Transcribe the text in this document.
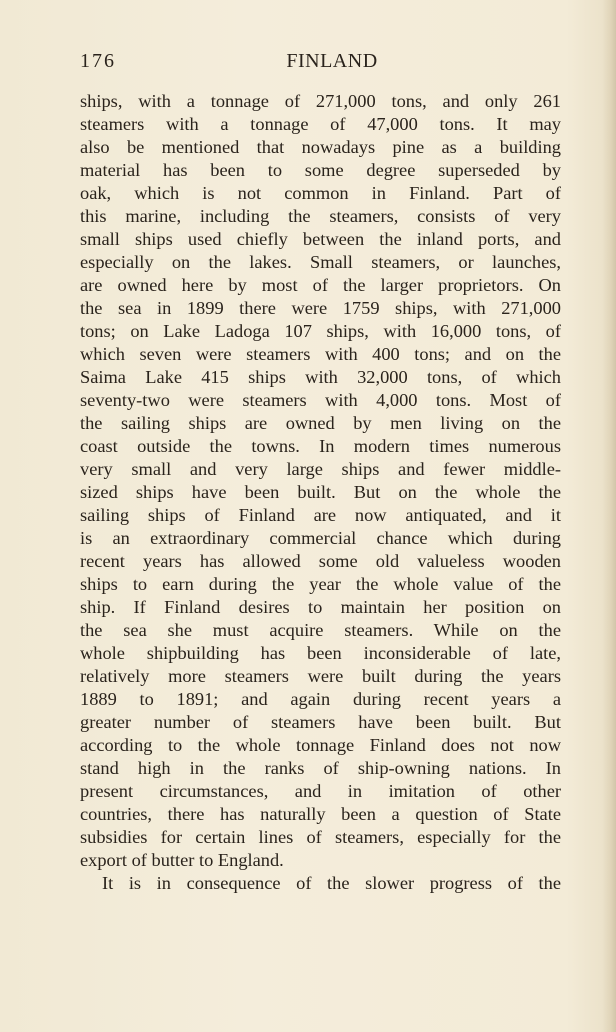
176	FINLAND
ships, with a tonnage of 271,000 tons, and only 261
steamers with a tonnage of 47,000 tons. It may
also be mentioned that nowadays pine as a building
material has been to some degree superseded by
oak, which is not common in Finland. Part of
this marine, including the steamers, consists of very
small ships used chiefly between the inland ports, and
especially on the lakes. Small steamers, or launches,
are owned here by most of the larger proprietors. On
the sea in 1899 there were 1759 ships, with 271,000
tons; on Lake Ladoga 107 ships, with 16,000 tons, of
which seven were steamers with 400 tons; and on the
Saima Lake 415 ships with 32,000 tons, of which
seventy-two were steamers with 4,000 tons. Most of
the sailing ships are owned by men living on the
coast outside the towns. In modern times numerous
very small and very large ships and fewer middle-
sized ships have been built. But on the whole the
sailing ships of Finland are now antiquated, and it
is an extraordinary commercial chance which during
recent years has allowed some old valueless wooden
ships to earn during the year the whole value of the
ship. If Finland desires to maintain her position on
the sea she must acquire steamers. While on the
whole shipbuilding has been inconsiderable of late,
relatively more steamers were built during the years
1889 to 1891; and again during recent years a
greater number of steamers have been built. But
according to the whole tonnage Finland does not now
stand high in the ranks of ship-owning nations. In
present circumstances, and in imitation of other
countries, there has naturally been a question of State
subsidies for certain lines of steamers, especially for the
export of butter to England.
It is in consequence of the slower progress of the
